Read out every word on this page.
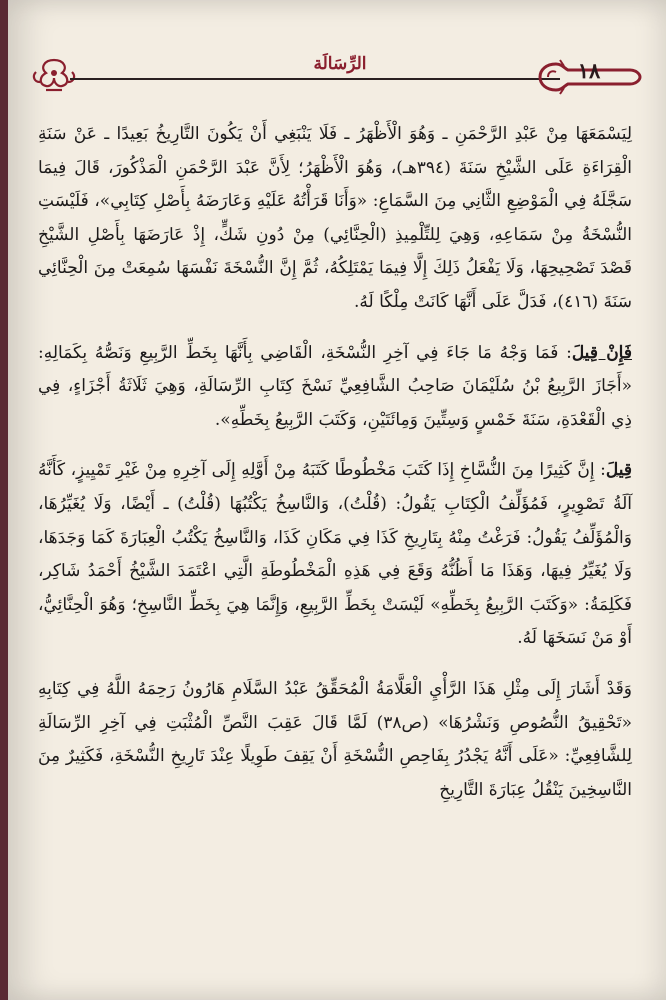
الرِّسَالَة	١٨

لِيَسْمَعَهَا مِنْ عَبْدِ الرَّحْمَنِ ـ وَهُوَ الْأَظْهَرُ ـ فَلَا يَنْبَغِي أَنْ يَكُونَ التَّارِيخُ بَعِيدًا ـ عَنْ سَنَةِ الْقِرَاءَةِ عَلَى الشَّيْخِ سَنَةَ (٣٩٤هـ)، وَهُوَ الْأَظْهَرُ؛ لِأَنَّ عَبْدَ الرَّحْمَنِ الْمَذْكُورَ، قَالَ فِيمَا سَجَّلَهُ فِي الْمَوْضِعِ الثَّانِي مِنَ السَّمَاعِ: «وَأَنَا قَرَأْتُهُ عَلَيْهِ وَعَارَضَهُ بِأَصْلِ كِتَابِي»، فَلَيْسَتِ النُّسْخَةُ مِنْ سَمَاعِهِ، وَهِيَ لِلتِّلْمِيذِ (الْحِنَّائِي) مِنْ دُونِ شَكٍّ، إِذْ عَارَضَهَا بِأَصْلِ الشَّيْخِ قَصْدَ تَصْحِيحِهَا، وَلَا يَفْعَلُ ذَلِكَ إِلَّا فِيمَا يَمْتَلِكُهُ، ثُمَّ إِنَّ النُّسْخَةَ نَفْسَهَا سُمِعَتْ مِنَ الْحِنَّائِي سَنَةَ (٤١٦)، فَدَلَّ عَلَى أَنَّهَا كَانَتْ مِلْكًا لَهُ.

فَإِنْ قِيلَ: فَمَا وَجْهُ مَا جَاءَ فِي آخِرِ النُّسْخَةِ، الْقَاضِي بِأَنَّهَا بِخَطِّ الرَّبِيعِ وَنَصُّهُ بِكَمَالِهِ: «أَجَازَ الرَّبِيعُ بْنُ سُلَيْمَانَ صَاحِبُ الشَّافِعِيِّ نَسْخَ كِتَابِ الرِّسَالَةِ، وَهِيَ ثَلَاثَةُ أَجْزَاءٍ، فِي ذِي الْقَعْدَةِ، سَنَةَ خَمْسٍ وَسِتِّينَ وَمِائَتَيْنِ، وَكَتَبَ الرَّبِيعُ بِخَطِّهِ».

قِيلَ: إِنَّ كَثِيرًا مِنَ النُّسَّاخِ إِذَا كَتَبَ مَخْطُوطًا كَتَبَهُ مِنْ أَوَّلِهِ إِلَى آخِرِهِ مِنْ غَيْرِ تَمْيِيزٍ، كَأَنَّهُ آلَةُ تَصْوِيرٍ، فَمُؤَلِّفُ الْكِتَابِ يَقُولُ: (قُلْتُ)، وَالنَّاسِخُ يَكْتُبُهَا (قُلْتُ) ـ أَيْضًا، وَلَا يُغَيِّرُهَا، وَالْمُؤَلِّفُ يَقُولُ: فَرَغْتُ مِنْهُ بِتَارِيخِ كَذَا فِي مَكَانِ كَذَا، وَالنَّاسِخُ يَكْتُبُ الْعِبَارَةَ كَمَا وَجَدَهَا، وَلَا يُغَيِّرُ فِيهَا، وَهَذَا مَا أَظُنُّهُ وَقَعَ فِي هَذِهِ الْمَخْطُوطَةِ الَّتِي اعْتَمَدَ الشَّيْخُ أَحْمَدُ شَاكِر، فَكَلِمَةُ: «وَكَتَبَ الرَّبِيعُ بِخَطِّهِ» لَيْسَتْ بِخَطِّ الرَّبِيعِ، وَإِنَّمَا هِيَ بِخَطِّ النَّاسِخِ؛ وَهُوَ الْحِنَّائِيُّ، أَوْ مَنْ نَسَخَهَا لَهُ.

وَقَدْ أَشَارَ إِلَى مِثْلِ هَذَا الرَّأْيِ الْعَلَّامَةُ الْمُحَقِّقُ عَبْدُ السَّلَامِ هَارُونُ رَحِمَهُ اللَّهُ فِي كِتَابِهِ «تَحْقِيقُ النُّصُوصِ وَنَشْرُهَا» (ص٣٨) لَمَّا قَالَ عَقِبَ النَّصِّ الْمُثْبَتِ فِي آخِرِ الرِّسَالَةِ لِلشَّافِعِيِّ: «عَلَى أَنَّهُ يَجْدُرُ بِفَاحِصِ النُّسْخَةِ أَنْ يَقِفَ طَوِيلًا عِنْدَ تَارِيخِ النُّسْخَةِ، فَكَثِيرٌ مِنَ النَّاسِخِينَ يَنْقُلُ عِبَارَةَ التَّارِيخِ
